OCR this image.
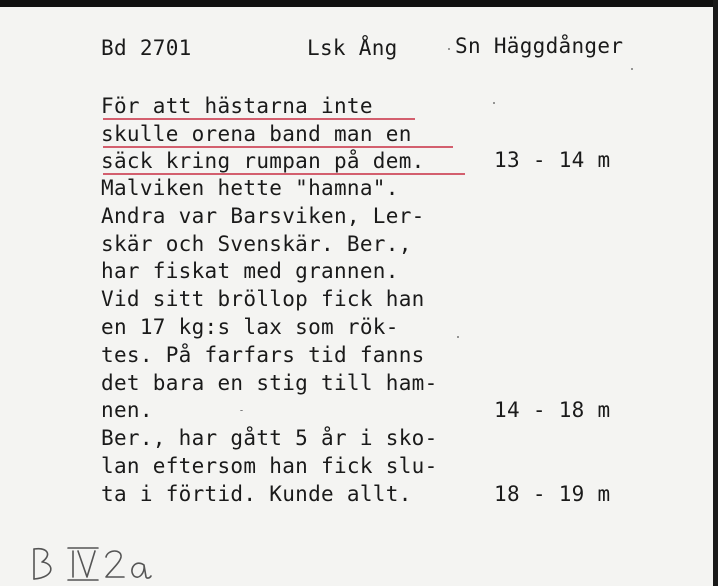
Bd 2701	Lsk Ång	Sn Häggdånger
För att hästarna inte
skulle orena band man en
säck kring rumpan på dem.
Malviken hette "hamna".
Andra var Barsviken, Ler-
skär och Svenskär. Ber.,
har fiskat med grannen.
Vid sitt bröllop fick han
en 17 kg:s lax som rök-
tes. På farfars tid fanns
det bara en stig till ham-
nen.
Ber., har gått 5 år i sko-
lan eftersom han fick slu-
ta i förtid. Kunde allt.
13 - 14 m
14 - 18 m
18 - 19 m
